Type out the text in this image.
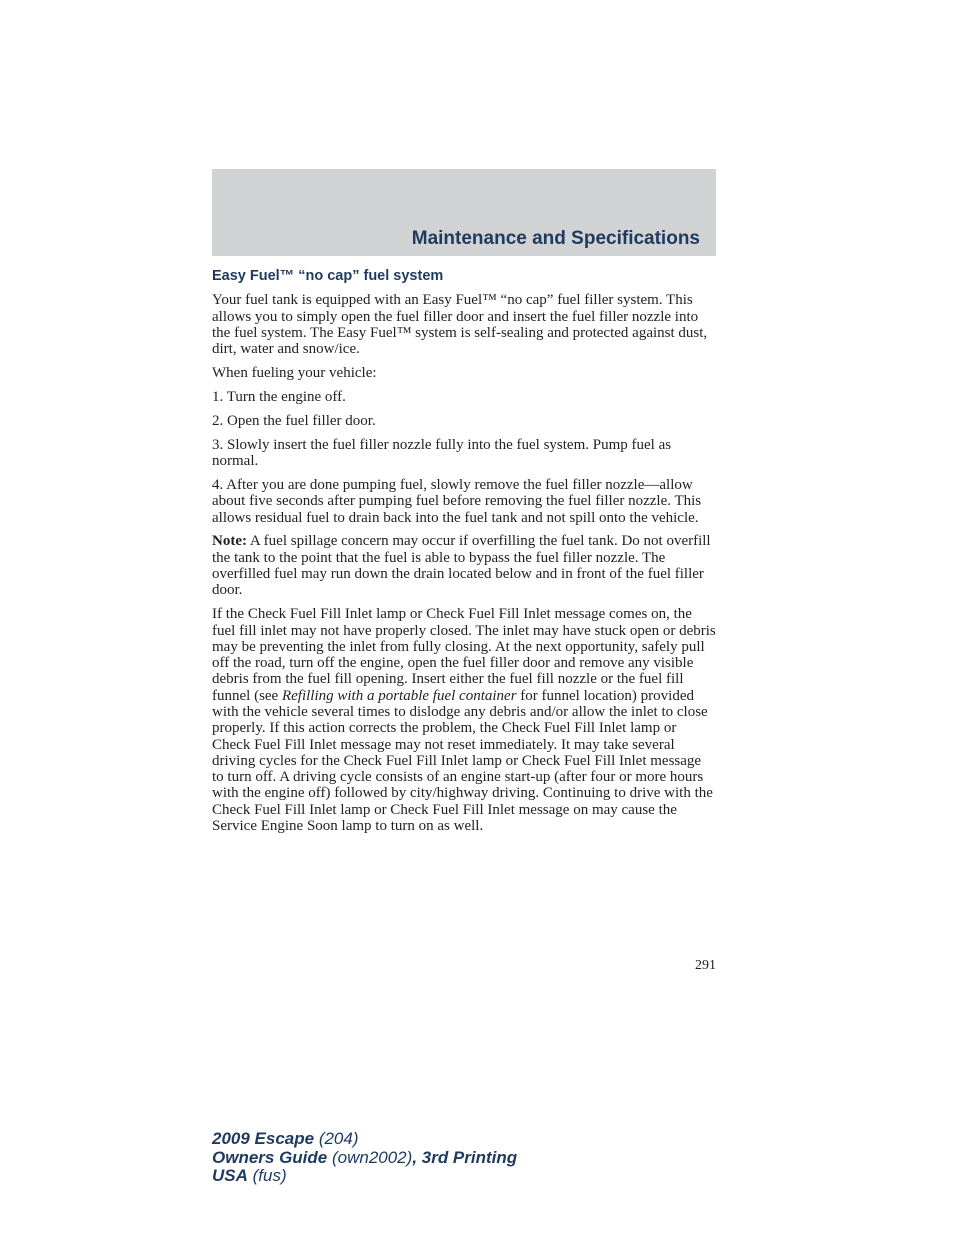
Maintenance and Specifications
Easy Fuel™ “no cap” fuel system

Your fuel tank is equipped with an Easy Fuel™ “no cap” fuel filler system. This allows you to simply open the fuel filler door and insert the fuel filler nozzle into the fuel system. The Easy Fuel™ system is self-sealing and protected against dust, dirt, water and snow/ice.

When fueling your vehicle:

1. Turn the engine off.

2. Open the fuel filler door.

3. Slowly insert the fuel filler nozzle fully into the fuel system. Pump fuel as normal.

4. After you are done pumping fuel, slowly remove the fuel filler nozzle—allow about five seconds after pumping fuel before removing the fuel filler nozzle. This allows residual fuel to drain back into the fuel tank and not spill onto the vehicle.

Note: A fuel spillage concern may occur if overfilling the fuel tank. Do not overfill the tank to the point that the fuel is able to bypass the fuel filler nozzle. The overfilled fuel may run down the drain located below and in front of the fuel filler door.

If the Check Fuel Fill Inlet lamp or Check Fuel Fill Inlet message comes on, the fuel fill inlet may not have properly closed. The inlet may have stuck open or debris may be preventing the inlet from fully closing. At the next opportunity, safely pull off the road, turn off the engine, open the fuel filler door and remove any visible debris from the fuel fill opening. Insert either the fuel fill nozzle or the fuel fill funnel (see Refilling with a portable fuel container for funnel location) provided with the vehicle several times to dislodge any debris and/or allow the inlet to close properly. If this action corrects the problem, the Check Fuel Fill Inlet lamp or Check Fuel Fill Inlet message may not reset immediately. It may take several driving cycles for the Check Fuel Fill Inlet lamp or Check Fuel Fill Inlet message to turn off. A driving cycle consists of an engine start-up (after four or more hours with the engine off) followed by city/highway driving. Continuing to drive with the Check Fuel Fill Inlet lamp or Check Fuel Fill Inlet message on may cause the Service Engine Soon lamp to turn on as well.

291
2009 Escape (204)
Owners Guide (own2002), 3rd Printing
USA (fus)
